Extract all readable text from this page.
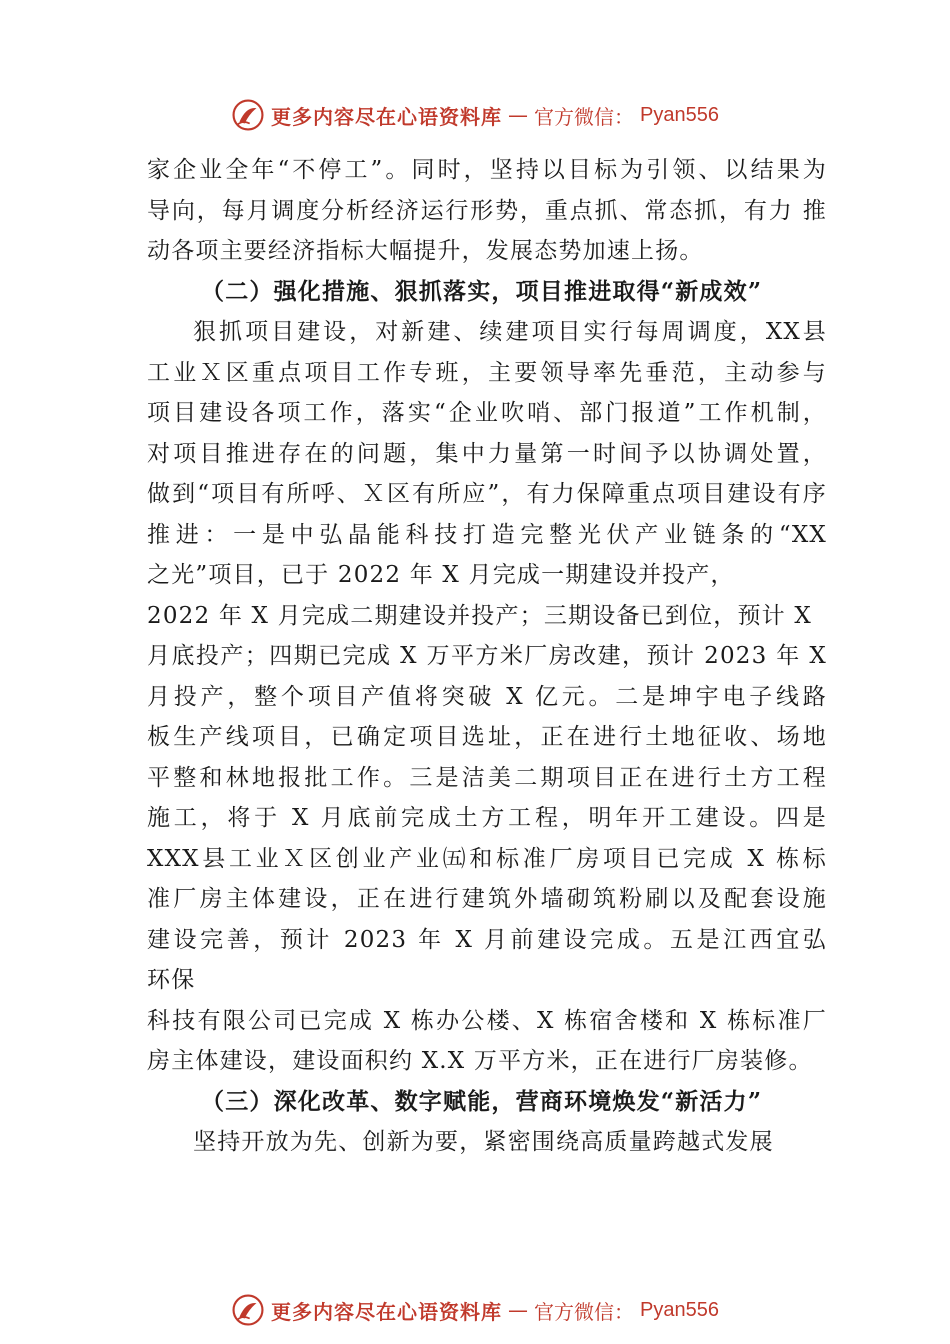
更多内容尽在心语资料库 — 官方微信： Pyan556
家企业全年“不停工”。同时，坚持以目标为引领、以结果为
导向，每月调度分析经济运行形势，重点抓、常态抓，有力 推
动各项主要经济指标大幅提升，发展态势加速上扬。
（二）强化措施、狠抓落实，项目推进取得“新成效”
狠抓项目建设，对新建、续建项目实行每周调度，XX县
工业Ｘ区重点项目工作专班，主要领导率先垂范，主动参与
项目建设各项工作，落实“企业吹哨、部门报道”工作机制，
对项目推进存在的问题，集中力量第一时间予以协调处置，
做到“项目有所呼、Ｘ区有所应”，有力保障重点项目建设有序
推进：一是中弘晶能科技打造完整光伏产业链条的“XX
之光”项目，已于 2022 年 X 月完成一期建设并投产，
2022 年 X 月完成二期建设并投产；三期设备已到位，预计 X
月底投产；四期已完成 X 万平方米厂房改建，预计 2023 年 X
月投产，整个项目产值将突破 X 亿元。二是坤宇电子线路
板生产线项目，已确定项目选址，正在进行土地征收、场地
平整和林地报批工作。三是洁美二期项目正在进行土方工程
施工，将于 X 月底前完成土方工程，明年开工建设。四是
XXX县工业Ｘ区创业产业㈤和标准厂房项目已完成 X 栋标
准厂房主体建设，正在进行建筑外墙砌筑粉刷以及配套设施
建设完善，预计 2023 年 X 月前建设完成。五是江西宜弘
环保
科技有限公司已完成 X 栋办公楼、X 栋宿舍楼和 X 栋标准厂
房主体建设，建设面积约 X.X 万平方米，正在进行厂房装修。
（三）深化改革、数字赋能，营商环境焕发“新活力”
坚持开放为先、创新为要，紧密围绕高质量跨越式发展
更多内容尽在心语资料库 — 官方微信： Pyan556
